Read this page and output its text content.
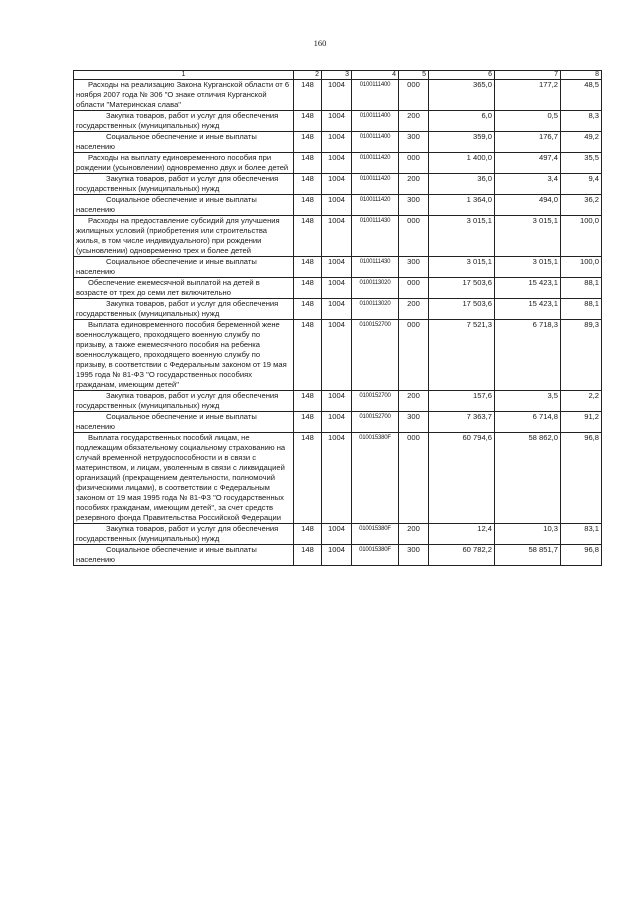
160
1	2	3	4	5	6	7	8
Расходы на реализацию Закона Курганской области от 6 ноября 2007 года № 306 "О знаке отличия Курганской области "Материнская слава"	148	1004	0100111400	000	365,0	177,2	48,5
Закупка товаров, работ и услуг для обеспечения государственных (муниципальных) нужд	148	1004	0100111400	200	6,0	0,5	8,3
Социальное обеспечение и иные выплаты населению	148	1004	0100111400	300	359,0	176,7	49,2
Расходы на выплату единовременного пособия при рождении (усыновлении) одновременно двух и более детей	148	1004	0100111420	000	1 400,0	497,4	35,5
Закупка товаров, работ и услуг для обеспечения государственных (муниципальных) нужд	148	1004	0100111420	200	36,0	3,4	9,4
Социальное обеспечение и иные выплаты населению	148	1004	0100111420	300	1 364,0	494,0	36,2
Расходы на предоставление субсидий для улучшения жилищных условий (приобретения или строительства жилья, в том числе индивидуального) при рождении (усыновлении) одновременно трех и более детей	148	1004	0100111430	000	3 015,1	3 015,1	100,0
Социальное обеспечение и иные выплаты населению	148	1004	0100111430	300	3 015,1	3 015,1	100,0
Обеспечение ежемесячной выплатой на детей в возрасте от трех до семи лет включительно	148	1004	0100113020	000	17 503,6	15 423,1	88,1
Закупка товаров, работ и услуг для обеспечения государственных (муниципальных) нужд	148	1004	0100113020	200	17 503,6	15 423,1	88,1
Выплата единовременного пособия беременной жене военнослужащего, проходящего военную службу по призыву, а также ежемесячного пособия на ребенка военнослужащего, проходящего военную службу по призыву, в соответствии с Федеральным законом от 19 мая 1995 года № 81-ФЗ "О государственных пособиях гражданам, имеющим детей"	148	1004	0100152700	000	7 521,3	6 718,3	89,3
Закупка товаров, работ и услуг для обеспечения государственных (муниципальных) нужд	148	1004	0100152700	200	157,6	3,5	2,2
Социальное обеспечение и иные выплаты населению	148	1004	0100152700	300	7 363,7	6 714,8	91,2
Выплата государственных пособий лицам, не подлежащим обязательному социальному страхованию на случай временной нетрудоспособности и в связи с материнством, и лицам, уволенным в связи с ликвидацией организаций (прекращением деятельности, полномочий физическими лицами), в соответствии с Федеральным законом от 19 мая 1995 года № 81-ФЗ "О государственных пособиях гражданам, имеющим детей", за счет средств резервного фонда Правительства Российской Федерации	148	1004	010015380F	000	60 794,6	58 862,0	96,8
Закупка товаров, работ и услуг для обеспечения государственных (муниципальных) нужд	148	1004	010015380F	200	12,4	10,3	83,1
Социальное обеспечение и иные выплаты населению	148	1004	010015380F	300	60 782,2	58 851,7	96,8
